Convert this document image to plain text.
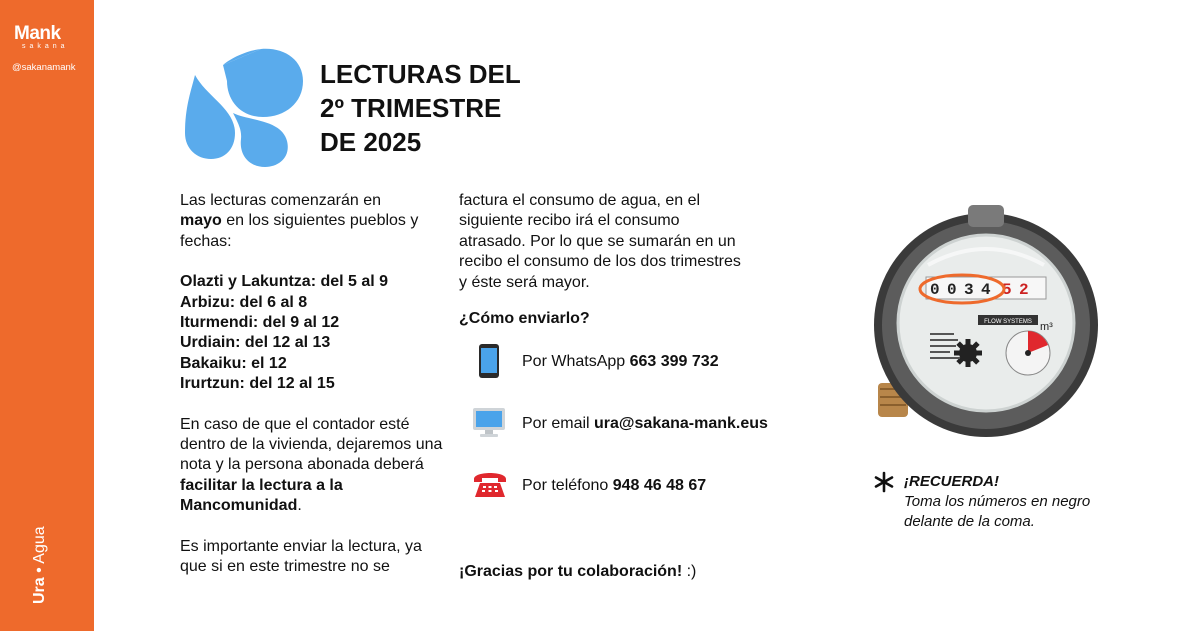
Mank
sakana
@sakanamank
Ura • Agua
LECTURAS DEL
2º TRIMESTRE
DE 2025

Las lecturas comenzarán en
mayo en los siguientes pueblos y fechas:

Olazti y Lakuntza: del 5 al 9
Arbizu: del 6 al 8
Iturmendi: del 9 al 12
Urdiain: del 12 al 13
Bakaiku: el 12
Irurtzun: del 12 al 15

En caso de que el contador esté dentro de la vivienda, dejaremos una nota y la persona abonada deberá facilitar la lectura a la Mancomunidad.

Es importante enviar la lectura, ya que si en este trimestre no se

factura el consumo de agua, en el siguiente recibo irá el consumo atrasado. Por lo que se sumarán en un recibo el consumo de los dos trimestres y éste será mayor.

¿Cómo enviarlo?
Por WhatsApp 663 399 732
Por email ura@sakana-mank.eus
Por teléfono 948 46 48 67
¡Gracias por tu colaboración! :)
0 0 3 4 5 2
FLOW SYSTEMS m³
¡RECUERDA!
Toma los números en negro delante de la coma.
